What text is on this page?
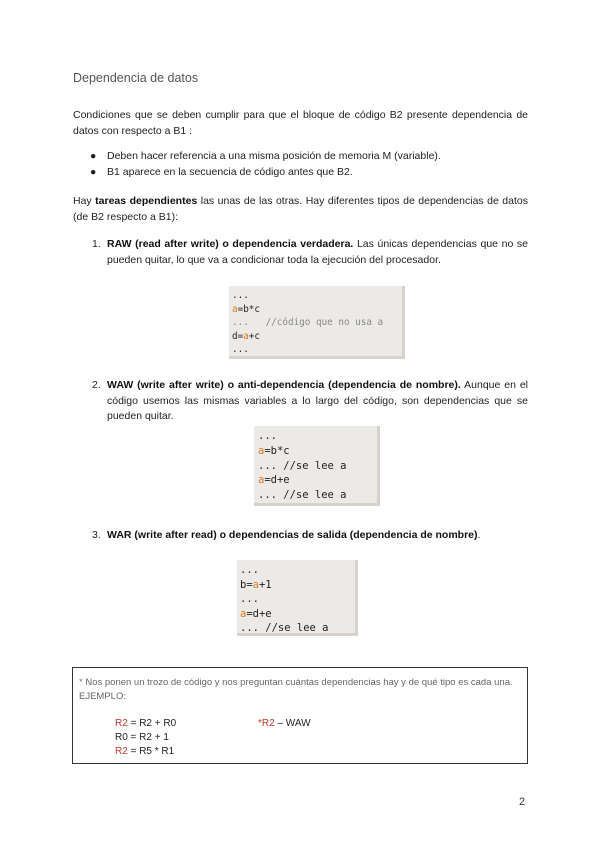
Dependencia de datos
Condiciones que se deben cumplir para que el bloque de código B2 presente dependencia de datos con respecto a B1 :
● Deben hacer referencia a una misma posición de memoria M (variable).
● B1 aparece en la secuencia de código antes que B2.
Hay tareas dependientes las unas de las otras. Hay diferentes tipos de dependencias de datos (de B2 respecto a B1):
1. RAW (read after write) o dependencia verdadera. Las únicas dependencias que no se pueden quitar, lo que va a condicionar toda la ejecución del procesador.
...
a=b*c
...   //código que no usa a
d=a+c
...
2. WAW (write after write) o anti-dependencia (dependencia de nombre). Aunque en el código usemos las mismas variables a lo largo del código, son dependencias que se pueden quitar.
...
a=b*c
... //se lee a
a=d+e
... //se lee a
3. WAR (write after read) o dependencias de salida (dependencia de nombre).
...
b=a+1
...
a=d+e
... //se lee a
* Nos ponen un trozo de código y nos preguntan cuántas dependencias hay y de qué tipo es cada una. EJEMPLO:
R2 = R2 + R0
R0 = R2 + 1
R2 = R5 * R1
*R2 – WAW
2
